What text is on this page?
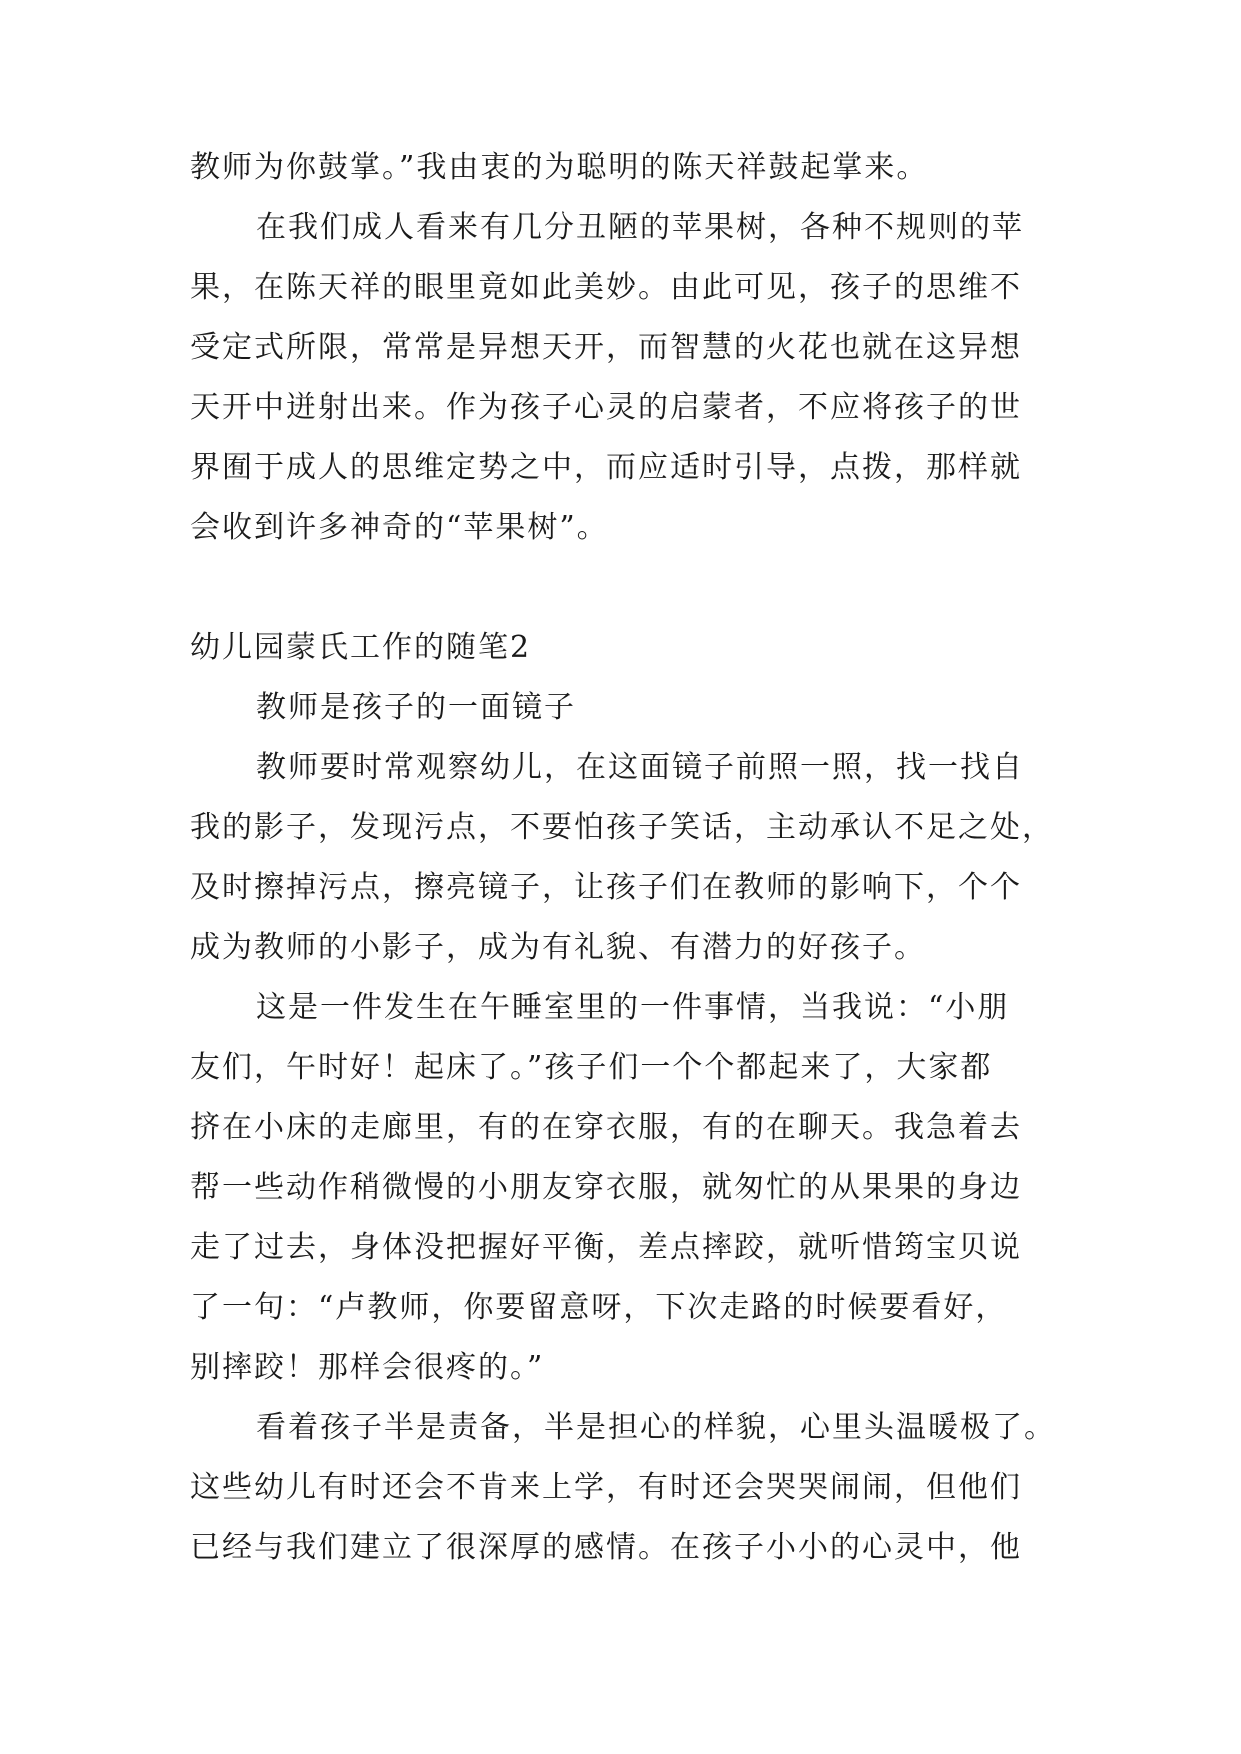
教师为你鼓掌。”我由衷的为聪明的陈天祥鼓起掌来。
在我们成人看来有几分丑陋的苹果树，各种不规则的苹
果，在陈天祥的眼里竟如此美妙。由此可见，孩子的思维不
受定式所限，常常是异想天开，而智慧的火花也就在这异想
天开中迸射出来。作为孩子心灵的启蒙者，不应将孩子的世
界囿于成人的思维定势之中，而应适时引导，点拨，那样就
会收到许多神奇的“苹果树”。
幼儿园蒙氏工作的随笔2
教师是孩子的一面镜子
教师要时常观察幼儿，在这面镜子前照一照，找一找自
我的影子，发现污点，不要怕孩子笑话，主动承认不足之处，
及时擦掉污点，擦亮镜子，让孩子们在教师的影响下，个个
成为教师的小影子，成为有礼貌、有潜力的好孩子。
这是一件发生在午睡室里的一件事情，当我说：“小朋
友们，午时好！起床了。”孩子们一个个都起来了，大家都
挤在小床的走廊里，有的在穿衣服，有的在聊天。我急着去
帮一些动作稍微慢的小朋友穿衣服，就匆忙的从果果的身边
走了过去，身体没把握好平衡，差点摔跤，就听惜筠宝贝说
了一句：“卢教师，你要留意呀，下次走路的时候要看好，
别摔跤！那样会很疼的。”
看着孩子半是责备，半是担心的样貌，心里头温暖极了。
这些幼儿有时还会不肯来上学，有时还会哭哭闹闹，但他们
已经与我们建立了很深厚的感情。在孩子小小的心灵中，他
